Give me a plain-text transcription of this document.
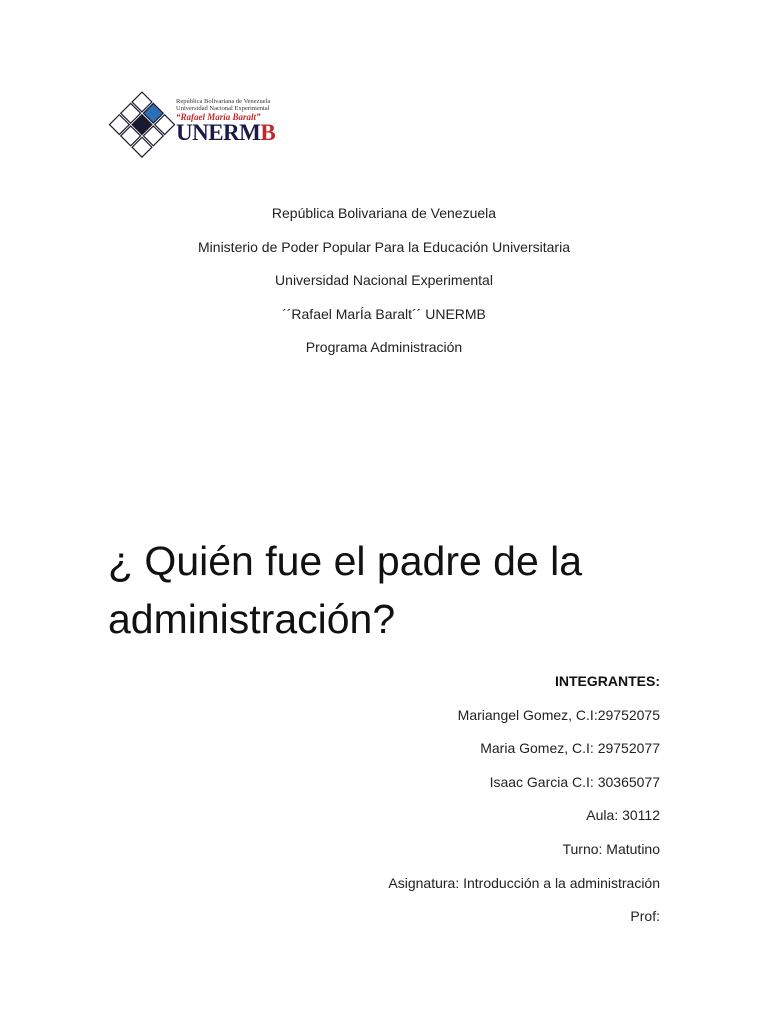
República Bolivariana de Venezuela
Universidad Nacional Experimental
“Rafael María Baralt”
UNERMB
República Bolivariana de Venezuela
Ministerio de Poder Popular Para la Educación Universitaria
Universidad Nacional Experimental
´´Rafael MarÍa Baralt´´ UNERMB
Programa Administración
¿ Quién fue el padre de la
administración?
INTEGRANTES:
Mariangel Gomez, C.I:29752075
Maria Gomez, C.I: 29752077
Isaac Garcia C.I: 30365077
Aula: 30112
Turno: Matutino
Asignatura: Introducción a la administración
Prof:
